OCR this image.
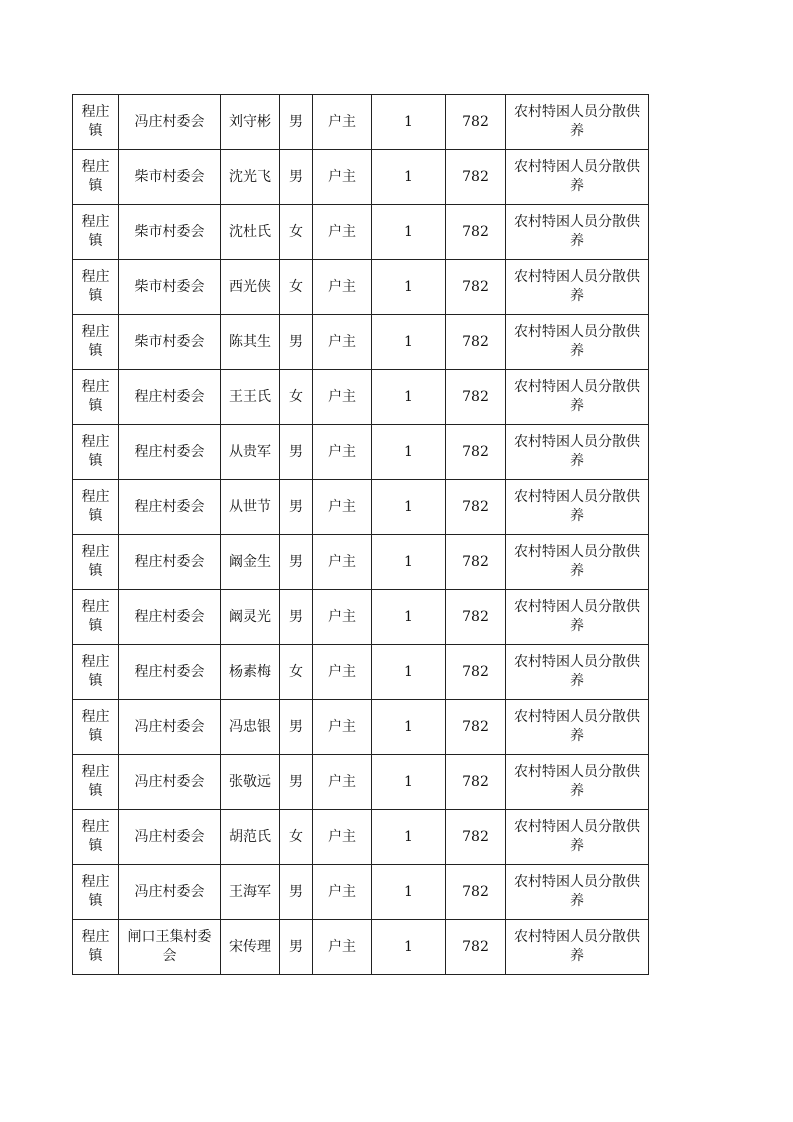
程庄镇	冯庄村委会	刘守彬	男	户主	1	782	农村特困人员分散供养
程庄镇	柴市村委会	沈光飞	男	户主	1	782	农村特困人员分散供养
程庄镇	柴市村委会	沈杜氏	女	户主	1	782	农村特困人员分散供养
程庄镇	柴市村委会	西光侠	女	户主	1	782	农村特困人员分散供养
程庄镇	柴市村委会	陈其生	男	户主	1	782	农村特困人员分散供养
程庄镇	程庄村委会	王王氏	女	户主	1	782	农村特困人员分散供养
程庄镇	程庄村委会	从贵军	男	户主	1	782	农村特困人员分散供养
程庄镇	程庄村委会	从世节	男	户主	1	782	农村特困人员分散供养
程庄镇	程庄村委会	阚金生	男	户主	1	782	农村特困人员分散供养
程庄镇	程庄村委会	阚灵光	男	户主	1	782	农村特困人员分散供养
程庄镇	程庄村委会	杨素梅	女	户主	1	782	农村特困人员分散供养
程庄镇	冯庄村委会	冯忠银	男	户主	1	782	农村特困人员分散供养
程庄镇	冯庄村委会	张敬远	男	户主	1	782	农村特困人员分散供养
程庄镇	冯庄村委会	胡范氏	女	户主	1	782	农村特困人员分散供养
程庄镇	冯庄村委会	王海军	男	户主	1	782	农村特困人员分散供养
程庄镇	闸口王集村委会	宋传理	男	户主	1	782	农村特困人员分散供养
